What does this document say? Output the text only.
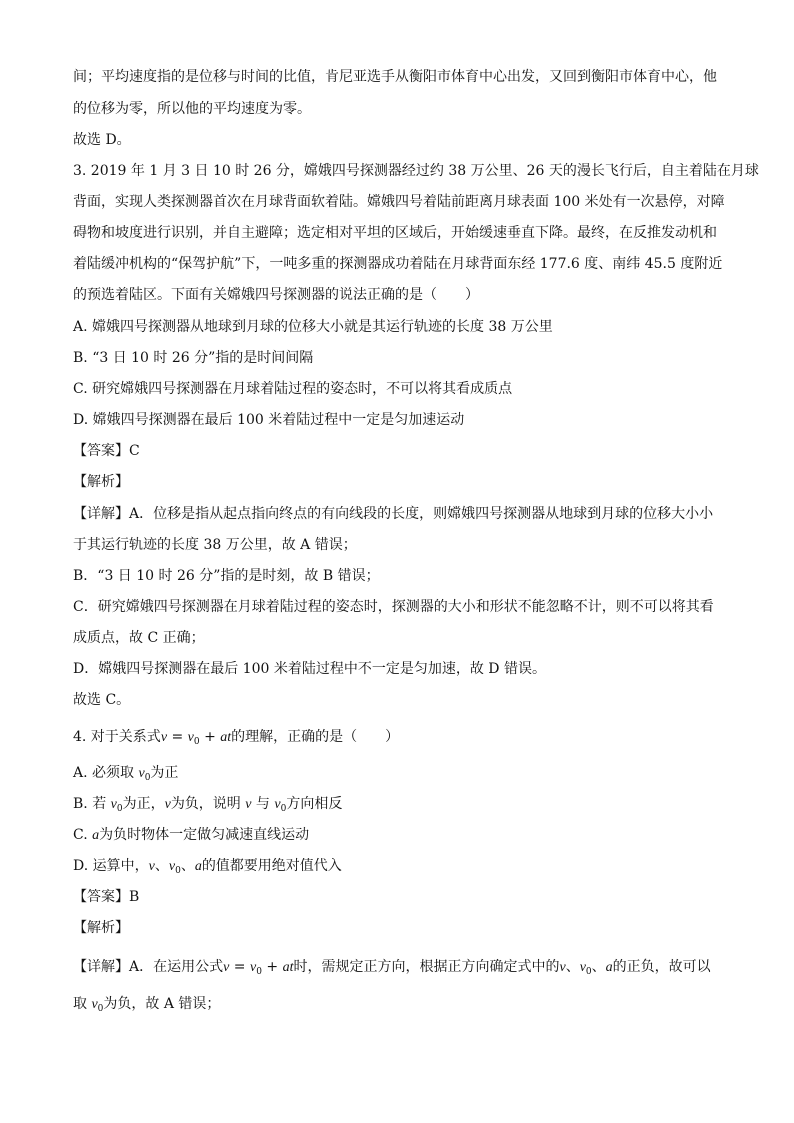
间；平均速度指的是位移与时间的比值，肯尼亚选手从衡阳市体育中心出发，又回到衡阳市体育中心，他
的位移为零，所以他的平均速度为零。
故选 D。
3. 2019 年 1 月 3 日 10 时 26 分，嫦娥四号探测器经过约 38 万公里、26 天的漫长飞行后，自主着陆在月球
背面，实现人类探测器首次在月球背面软着陆。嫦娥四号着陆前距离月球表面 100 米处有一次悬停，对障
碍物和坡度进行识别，并自主避障；选定相对平坦的区域后，开始缓速垂直下降。最终，在反推发动机和
着陆缓冲机构的“保驾护航”下，一吨多重的探测器成功着陆在月球背面东经 177.6 度、南纬 45.5 度附近
的预选着陆区。下面有关嫦娥四号探测器的说法正确的是（　　）
A. 嫦娥四号探测器从地球到月球的位移大小就是其运行轨迹的长度 38 万公里
B. “3 日 10 时 26 分”指的是时间间隔
C. 研究嫦娥四号探测器在月球着陆过程的姿态时，不可以将其看成质点
D. 嫦娥四号探测器在最后 100 米着陆过程中一定是匀加速运动
【答案】C
【解析】
【详解】A．位移是指从起点指向终点的有向线段的长度，则嫦娥四号探测器从地球到月球的位移大小小
于其运行轨迹的长度 38 万公里，故 A 错误；
B．“3 日 10 时 26 分”指的是时刻，故 B 错误；
C．研究嫦娥四号探测器在月球着陆过程的姿态时，探测器的大小和形状不能忽略不计，则不可以将其看
成质点，故 C 正确；
D．嫦娥四号探测器在最后 100 米着陆过程中不一定是匀加速，故 D 错误。
故选 C。
4. 对于关系式$v = v_0$ + at的理解，正确的是（　　）
A. 必须取 $v_0$为正
B. 若 $v_0$为正，v为负，说明 v 与 $v_0$方向相反
C. a为负时物体一定做匀减速直线运动
D. 运算中，v、$v_0$、a的值都要用绝对值代入
【答案】B
【解析】
【详解】A．在运用公式$v = v_0$ + at时，需规定正方向，根据正方向确定式中的v、$v_0$、a的正负，故可以
取 $v_0$为负，故 A 错误；
